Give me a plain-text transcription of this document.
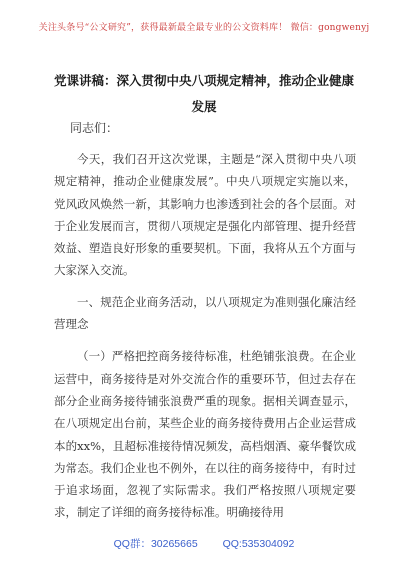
关注头条号“公文研究”，获得最新最全最专业的公文资料库！ 微信：gongwenyj
党课讲稿：深入贯彻中央八项规定精神，推动企业健康发展
同志们：

今天，我们召开这次党课，主题是“深入贯彻中央八项规定精神，推动企业健康发展”。中央八项规定实施以来，党风政风焕然一新，其影响力也渗透到社会的各个层面。对于企业发展而言，贯彻八项规定是强化内部管理、提升经营效益、塑造良好形象的重要契机。下面，我将从五个方面与大家深入交流。

一、规范企业商务活动，以八项规定为准则强化廉洁经营理念

（一）严格把控商务接待标准，杜绝铺张浪费。在企业运营中，商务接待是对外交流合作的重要环节，但过去存在部分企业商务接待铺张浪费严重的现象。据相关调查显示，在八项规定出台前，某些企业的商务接待费用占企业运营成本的xx%，且超标准接待情况频发，高档烟酒、豪华餐饮成为常态。我们企业也不例外，在以往的商务接待中，有时过于追求场面，忽视了实际需求。我们严格按照八项规定要求，制定了详细的商务接待标准。明确接待用

QQ群：30265665 QQ:535304092
